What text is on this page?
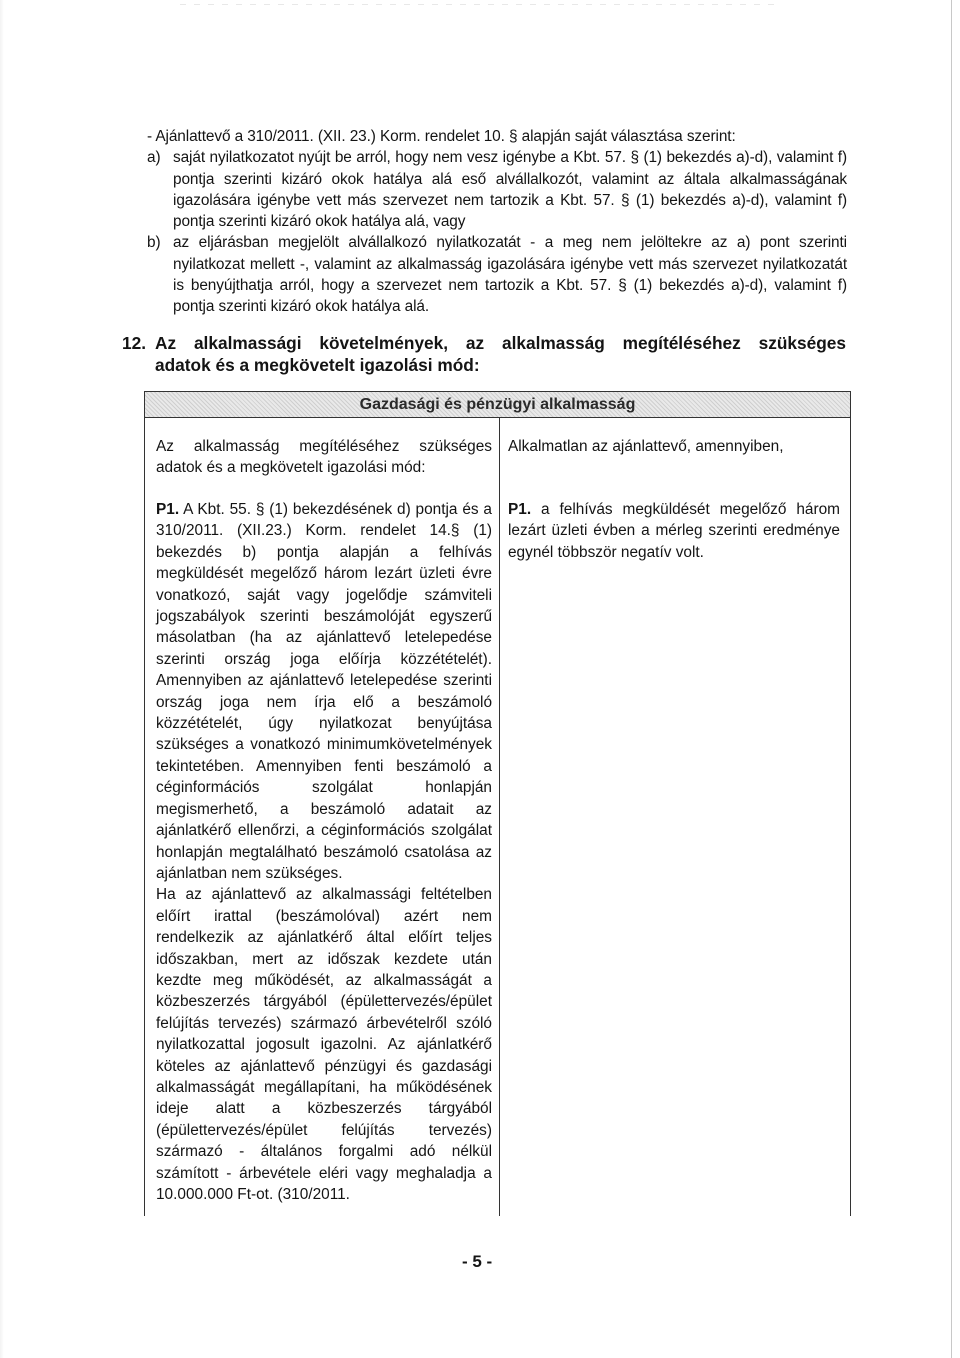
- Ajánlattevő a 310/2011. (XII. 23.) Korm. rendelet 10. § alapján saját választása szerint:

a) saját nyilatkozatot nyújt be arról, hogy nem vesz igénybe a Kbt. 57. § (1) bekezdés a)-d), valamint f) pontja szerinti kizáró okok hatálya alá eső alvállalkozót, valamint az általa alkalmasságának igazolására igénybe vett más szervezet nem tartozik a Kbt. 57. § (1) bekezdés a)-d), valamint f) pontja szerinti kizáró okok hatálya alá, vagy
b) az eljárásban megjelölt alvállalkozó nyilatkozatát - a meg nem jelöltekre az a) pont szerinti nyilatkozat mellett -, valamint az alkalmasság igazolására igénybe vett más szervezet nyilatkozatát is benyújthatja arról, hogy a szervezet nem tartozik a Kbt. 57. § (1) bekezdés a)-d), valamint f) pontja szerinti kizáró okok hatálya alá.
12. Az alkalmassági követelmények, az alkalmasság megítéléséhez szükséges
adatok és a megkövetelt igazolási mód:
Gazdasági és pénzügyi alkalmasság
Az alkalmasság megítéléséhez szükséges adatok és a megkövetelt igazolási mód:
Alkalmatlan az ajánlattevő, amennyiben,
P1. A Kbt. 55. § (1) bekezdésének d) pontja és a 310/2011. (XII.23.) Korm. rendelet 14.§ (1) bekezdés b) pontja alapján a felhívás megküldését megelőző három lezárt üzleti évre vonatkozó, saját vagy jogelődje számviteli jogszabályok szerinti beszámolóját egyszerű másolatban (ha az ajánlattevő letelepedése szerinti ország joga előírja közzétételét). Amennyiben az ajánlattevő letelepedése szerinti ország joga nem írja elő a beszámoló közzétételét, úgy nyilatkozat benyújtása szükséges a vonatkozó minimumkövetelmények tekintetében. Amennyiben fenti beszámoló a céginformációs szolgálat honlapján megismerhető, a beszámoló adatait az ajánlatkérő ellenőrzi, a céginformációs szolgálat honlapján megtalálható beszámoló csatolása az ajánlatban nem szükséges.
Ha az ajánlattevő az alkalmassági feltételben előírt irattal (beszámolóval) azért nem rendelkezik az ajánlatkérő által előírt teljes időszakban, mert az időszak kezdete után kezdte meg működését, az alkalmasságát a közbeszerzés tárgyából (épülettervezés/épület felújítás tervezés) származó árbevételről szóló nyilatkozattal jogosult igazolni. Az ajánlatkérő köteles az ajánlattevő pénzügyi és gazdasági alkalmasságát megállapítani, ha működésének ideje alatt a közbeszerzés tárgyából (épülettervezés/épület felújítás tervezés) származó - általános forgalmi adó nélkül számított - árbevétele eléri vagy meghaladja a 10.000.000 Ft-ot. (310/2011.
P1. a felhívás megküldését megelőző három lezárt üzleti évben a mérleg szerinti eredménye egynél többször negatív volt.
- 5 -
